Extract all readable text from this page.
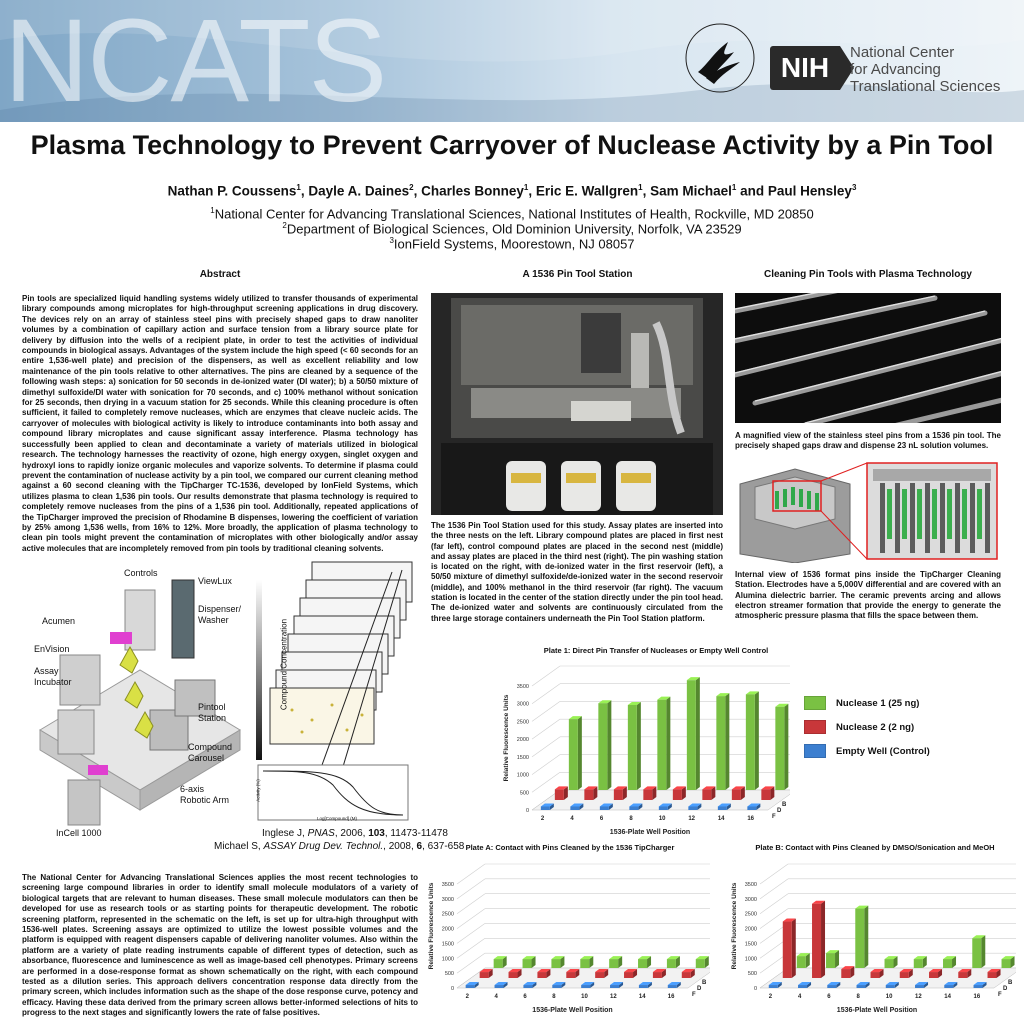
NCATS	NIH	National Center
for Advancing
Translational Sciences
Plasma Technology to Prevent Carryover of Nuclease Activity by a Pin Tool
Nathan P. Coussens$^1$, Dayle A. Daines$^2$, Charles Bonney$^1$, Eric E. Wallgren$^1$, Sam Michael$^1$ and Paul Hensley$^3$
$^1$National Center for Advancing Translational Sciences, National Institutes of Health, Rockville, MD 20850
$^2$Department of Biological Sciences, Old Dominion University, Norfolk, VA 23529
$^3$IonField Systems, Moorestown, NJ 08057
Abstract
Pin tools are specialized liquid handling systems widely utilized to transfer thousands of experimental library compounds among microplates for high-throughput screening applications in drug discovery. The devices rely on an array of stainless steel pins with precisely shaped gaps to draw nanoliter volumes by a combination of capillary action and surface tension from a library source plate for delivery by diffusion into the wells of a recipient plate, in order to test the activities of individual compounds in biological assays. Advantages of the system include the high speed (< 60 seconds for an entire 1,536-well plate) and precision of the dispensers, as well as excellent reliability and low maintenance of the pin tools relative to other alternatives. The pins are cleaned by a sequence of the following wash steps: a) sonication for 50 seconds in de-ionized water (DI water); b) a 50/50 mixture of dimethyl sulfoxide/DI water with sonication for 70 seconds, and c) 100% methanol without sonication for 25 seconds, then drying in a vacuum station for 25 seconds. While this cleaning procedure is often sufficient, it failed to completely remove nucleases, which are enzymes that cleave nucleic acids. The carryover of molecules with biological activity is likely to introduce contaminants into both assay and compound library microplates and cause significant assay interference. Plasma technology has successfully been applied to clean and decontaminate a variety of materials utilized in biological research. The technology harnesses the reactivity of ozone, high energy oxygen, singlet oxygen and hydroxyl ions to rapidly ionize organic molecules and vaporize solvents. To determine if plasma could prevent the contamination of nuclease activity by a pin tool, we compared our current cleaning method against a 60 second cleaning with the TipCharger TC-1536, developed by IonField Systems, which utilizes plasma to clean 1,536 pin tools. Our results demonstrate that plasma technology is required to completely remove nucleases from the pins of a 1,536 pin tool. Additionally, repeated applications of the TipCharger improved the precision of Rhodamine B dispenses, lowering the coefficient of variation by 25% among 1,536 wells, from 16% to 12%. More broadly, the application of plasma technology to clean pin tools might prevent the contamination of microplates with other biologically and/or assay active molecules that are incompletely removed from pin tools by traditional cleaning solvents.
Controls
ViewLux
Acumen
Dispenser/
Washer
EnVision
Assay
Incubator
Pintool
Station
Compound
Carousel
6-axis
Robotic Arm
InCell 1000
Compound Concentration
Activity (%)
Log[Compound] (M)
Inglese J, PNAS, 2006, 103, 11473-11478
Michael S, ASSAY Drug Dev. Technol., 2008, 6, 637-658
The National Center for Advancing Translational Sciences applies the most recent technologies to screening large compound libraries in order to identify small molecule modulators of a variety of biological targets that are relevant to human diseases. These small molecule modulators can then be developed for use as research tools or as starting points for therapeutic development. The robotic screening platform, represented in the schematic on the left, is set up for ultra-high throughput with 1536-well plates. Screening assays are optimized to utilize the lowest possible volumes and the platform is equipped with reagent dispensers capable of delivering nanoliter volumes. Also within the platform are a variety of plate reading instruments capable of different types of detection, such as absorbance, fluorescence and luminescence as well as image-based cell phenotypes. Primary screens are performed in a dose-response format as shown schematically on the right, with each compound tested as a dilution series. This approach delivers concentration response data directly from the primary screen, which includes information such as the shape of the dose response curve, potency and efficacy. Having these data derived from the primary screen allows better-informed selections of hits to progress to the next stages and significantly lowers the rate of false positives.
A 1536 Pin Tool Station
The 1536 Pin Tool Station used for this study. Assay plates are inserted into the three nests on the left. Library compound plates are placed in first nest (far left), control compound plates are placed in the second nest (middle) and assay plates are placed in the third nest (right). The pin washing station is located on the right, with de-ionized water in the first reservoir (left), a 50/50 mixture of dimethyl sulfoxide/de-ionized water in the second reservoir (middle), and 100% methanol in the third reservoir (far right). The vacuum station is located in the center of the station directly under the pin tool head. The de-ionized water and solvents are continuously circulated from the three large storage containers underneath the Pin Tool Station platform.
Cleaning Pin Tools with Plasma Technology
A magnified view of the stainless steel pins from a 1536 pin tool. The precisely shaped gaps draw and dispense 23 nL solution volumes.
Internal view of 1536 format pins inside the TipCharger Cleaning Station. Electrodes have a 5,000V differential and are covered with an Alumina dielectric barrier. The ceramic prevents arcing and allows electron streamer formation that provide the energy to generate the atmospheric pressure plasma that fills the space between them.
Plate 1: Direct Pin Transfer of Nucleases or Empty Well Control
0
500
1000
1500
2000
2500
3000
3500
Relative Fluorescence Units
2	4	6	8	10	12	14	16
B
D
F
1536-Plate Well Position
Nuclease 1 (25 ng)
Nuclease 2 (2 ng)
Empty Well (Control)
Plate A: Contact with Pins Cleaned by the 1536 TipCharger
0
500
1000
1500
2000
2500
3000
3500
Relative Fluorescence Units
2	4	6	8	10	12	14	16
B
D
F
1536-Plate Well Position
Plate B: Contact with Pins Cleaned by DMSO/Sonication and MeOH
0
500
1000
1500
2000
2500
3000
3500
Relative Fluorescence Units
2	4	6	8	10	12	14	16
B
D
F
1536-Plate Well Position
